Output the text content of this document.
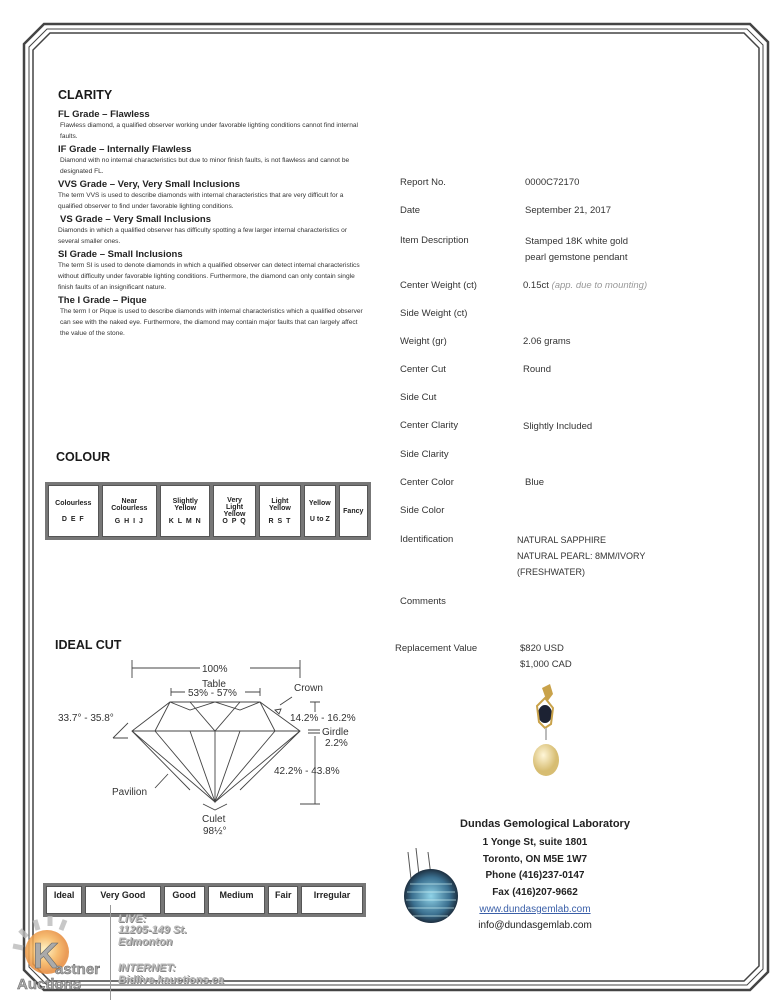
CLARITY
FL Grade – Flawless
Flawless diamond, a qualified observer working under favorable lighting conditions cannot find internal faults.
IF Grade – Internally Flawless
Diamond with no internal characteristics but due to minor finish faults, is not flawless and cannot be designated FL.
VVS Grade – Very, Very Small Inclusions
The term VVS is used to describe diamonds with internal characteristics that are very difficult for a qualified observer to find under favorable lighting conditions.
VS Grade – Very Small Inclusions
Diamonds in which a qualified observer has difficulty spotting a few larger internal characteristics or several smaller ones.
SI Grade – Small Inclusions
The term SI is used to denote diamonds in which a qualified observer can detect internal characteristics without difficulty under favorable lighting conditions. Furthermore, the diamond can only contain single finish faults of an insignificant nature.
The I Grade – Pique
The term I or Pique is used to describe diamonds with internal characteristics which a qualified observer can see with the naked eye. Furthermore, the diamond may contain major faults that can largely affect the value of the stone.
COLOUR
Colourless
D E F

Near Colourless
G H I J

Slightly Yellow
K L M N

Very Light Yellow
O P Q

Light Yellow
R S T

Yellow
U to Z

Fancy
IDEAL CUT
100%
Table
53% - 57%	Crown
33.7° - 35.8°	14.2% - 16.2%
Girdle
2.2%
42.2% - 43.8%
Pavilion
Culet
98½°
Ideal	Very Good	Good	Medium	Fair	Irregular
Report No.	0000C72170
Date	September 21, 2017
Item Description	Stamped 18K white gold
pearl gemstone pendant
Center Weight (ct)	0.15ct (app. due to mounting)
Side Weight (ct)
Weight (gr)	2.06 grams
Center Cut	Round
Side Cut
Center Clarity	Slightly Included
Side Clarity
Center Color	Blue
Side Color
Identification	NATURAL SAPPHIRE
NATURAL PEARL: 8MM/IVORY
(FRESHWATER)
Comments
Replacement Value	$820 USD
$1,000 CAD
Dundas Gemological Laboratory
1 Yonge St, suite 1801
Toronto, ON M5E 1W7
Phone (416)237-0147
Fax (416)207-9662
www.dundasgemlab.com
info@dundasgemlab.com
K
astner
Auctions
LIVE:
11205-149 St.
Edmonton
INTERNET:
Bidlive.kauctions.ca
